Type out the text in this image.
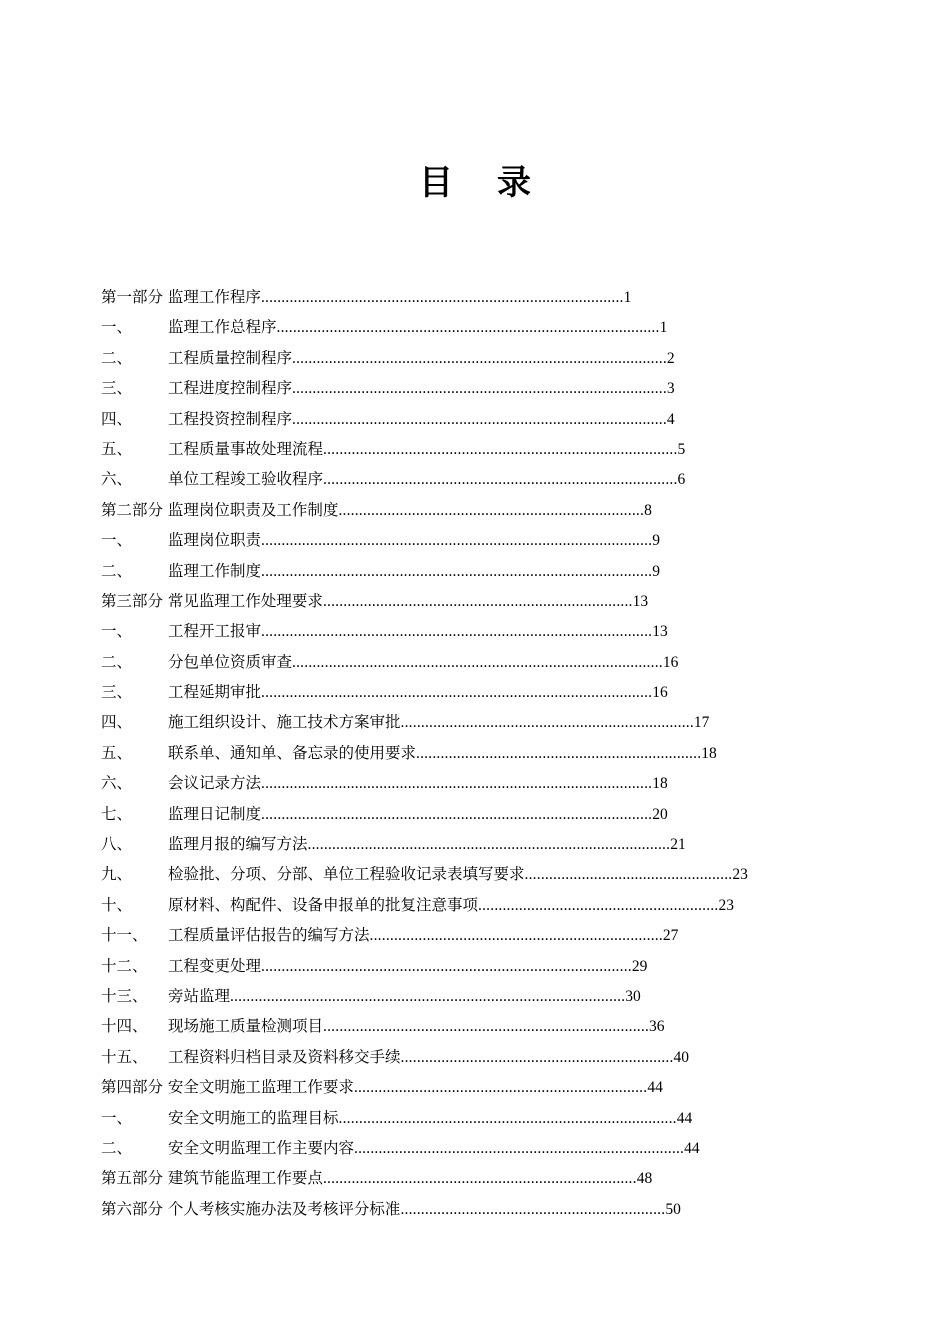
目 录
第一部分 监理工作程序.........................................................................................1
一、 监理工作总程序..............................................................................................1
二、 工程质量控制程序............................................................................................2
三、 工程进度控制程序............................................................................................3
四、 工程投资控制程序............................................................................................4
五、 工程质量事故处理流程.......................................................................................5
六、 单位工程竣工验收程序.......................................................................................6
第二部分 监理岗位职责及工作制度...........................................................................8
一、 监理岗位职责................................................................................................9
二、 监理工作制度................................................................................................9
第三部分 常见监理工作处理要求............................................................................13
一、 工程开工报审................................................................................................13
二、 分包单位资质审查...........................................................................................16
三、 工程延期审批................................................................................................16
四、 施工组织设计、施工技术方案审批........................................................................17
五、 联系单、通知单、备忘录的使用要求......................................................................18
六、 会议记录方法................................................................................................18
七、 监理日记制度................................................................................................20
八、 监理月报的编写方法.........................................................................................21
九、 检验批、分项、分部、单位工程验收记录表填写要求...................................................23
十、 原材料、构配件、设备申报单的批复注意事项...........................................................23
十一、 工程质量评估报告的编写方法........................................................................27
十二、 工程变更处理...........................................................................................29
十三、 旁站监理.................................................................................................30
十四、 现场施工质量检测项目................................................................................36
十五、 工程资料归档目录及资料移交手续...................................................................40
第四部分 安全文明施工监理工作要求........................................................................44
一、 安全文明施工的监理目标...................................................................................44
二、 安全文明监理工作主要内容.................................................................................44
第五部分 建筑节能监理工作要点.............................................................................48
第六部分 个人考核实施办法及考核评分标准.................................................................50
